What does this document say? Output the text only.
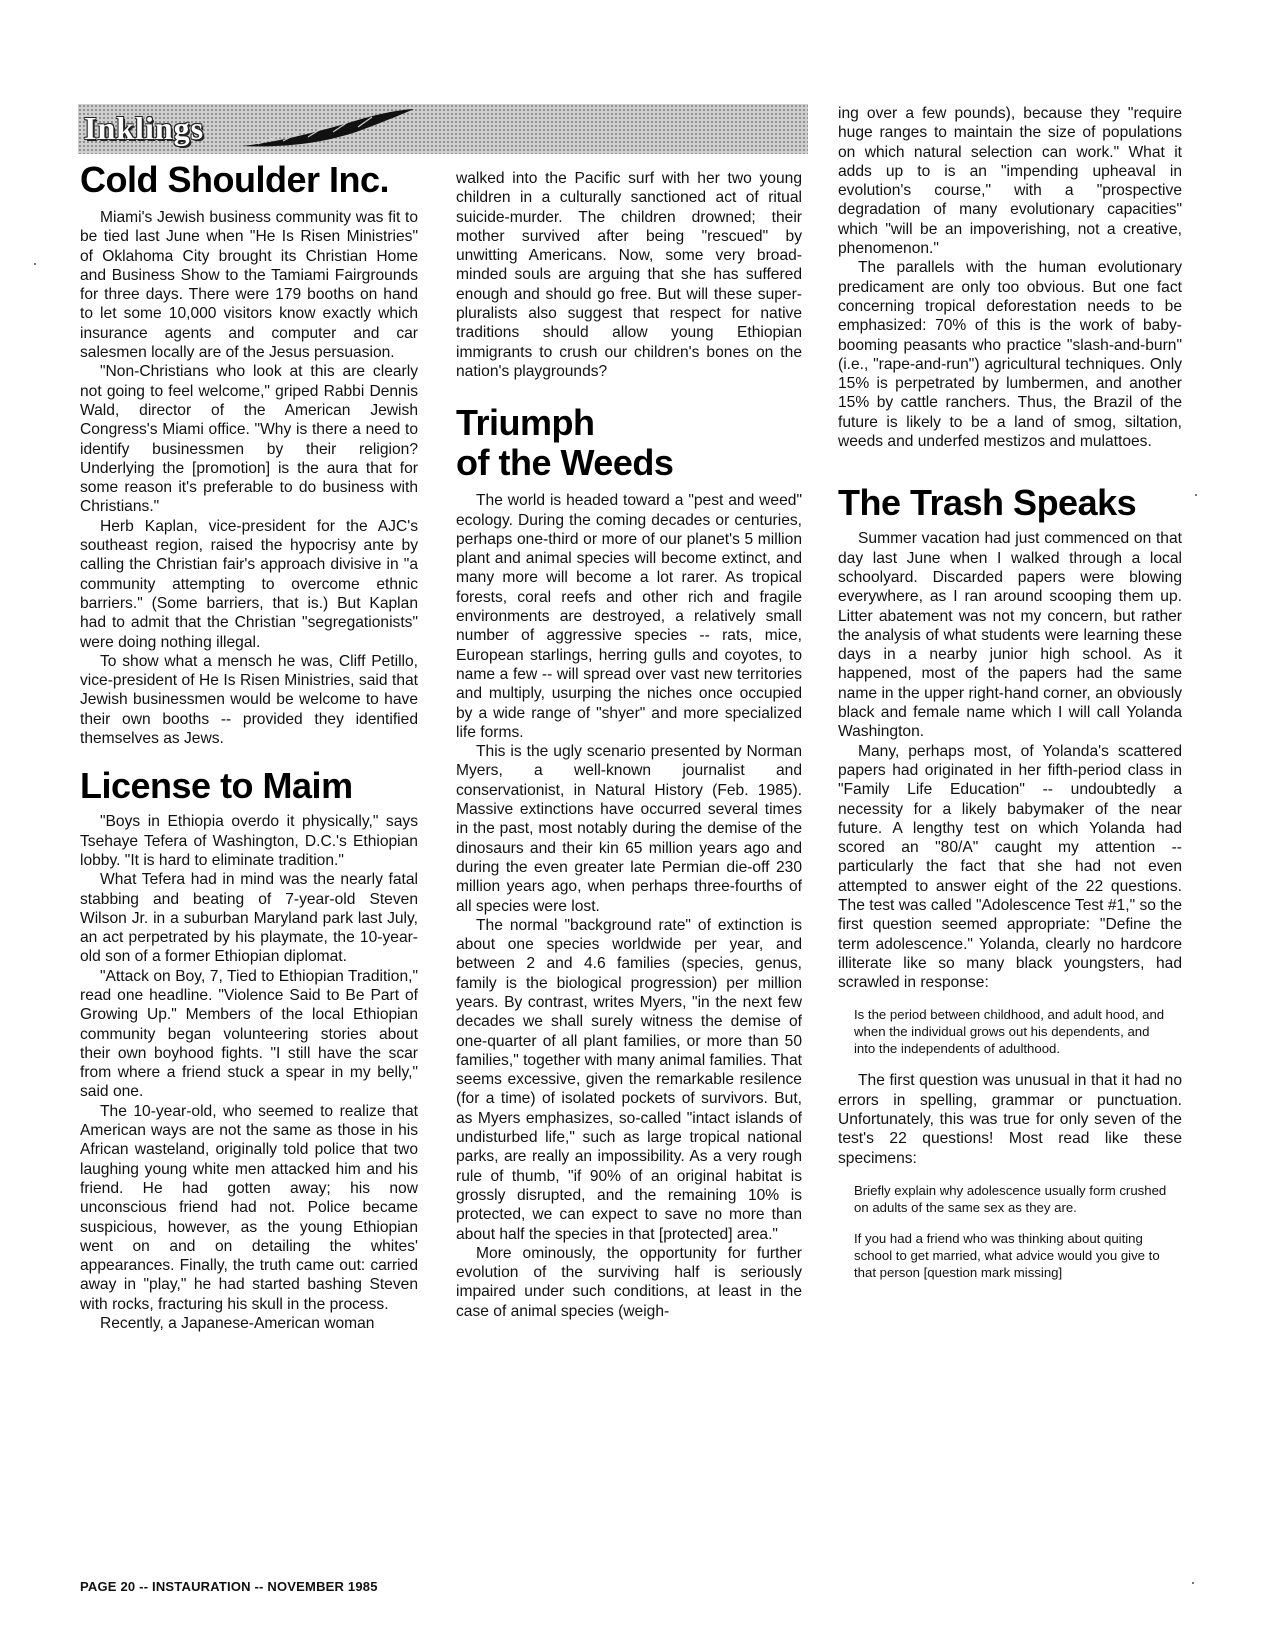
Inklings
Cold Shoulder Inc.

Miami's Jewish business community was fit to be tied last June when "He Is Risen Ministries" of Oklahoma City brought its Christian Home and Business Show to the Tamiami Fairgrounds for three days. There were 179 booths on hand to let some 10,000 visitors know exactly which insurance agents and computer and car salesmen locally are of the Jesus persuasion.

"Non-Christians who look at this are clearly not going to feel welcome," griped Rabbi Dennis Wald, director of the American Jewish Congress's Miami office. "Why is there a need to identify businessmen by their religion? Underlying the [promotion] is the aura that for some reason it's preferable to do business with Christians."

Herb Kaplan, vice-president for the AJC's southeast region, raised the hypocrisy ante by calling the Christian fair's approach divisive in "a community attempting to overcome ethnic barriers." (Some barriers, that is.) But Kaplan had to admit that the Christian "segregationists" were doing nothing illegal.

To show what a mensch he was, Cliff Petillo, vice-president of He Is Risen Ministries, said that Jewish businessmen would be welcome to have their own booths -- provided they identified themselves as Jews.

License to Maim

"Boys in Ethiopia overdo it physically," says Tsehaye Tefera of Washington, D.C.'s Ethiopian lobby. "It is hard to eliminate tradition."

What Tefera had in mind was the nearly fatal stabbing and beating of 7-year-old Steven Wilson Jr. in a suburban Maryland park last July, an act perpetrated by his playmate, the 10-year-old son of a former Ethiopian diplomat.

"Attack on Boy, 7, Tied to Ethiopian Tradition," read one headline. "Violence Said to Be Part of Growing Up." Members of the local Ethiopian community began volunteering stories about their own boyhood fights. "I still have the scar from where a friend stuck a spear in my belly," said one.

The 10-year-old, who seemed to realize that American ways are not the same as those in his African wasteland, originally told police that two laughing young white men attacked him and his friend. He had gotten away; his now unconscious friend had not. Police became suspicious, however, as the young Ethiopian went on and on detailing the whites' appearances. Finally, the truth came out: carried away in "play," he had started bashing Steven with rocks, fracturing his skull in the process.

Recently, a Japanese-American woman

walked into the Pacific surf with her two young children in a culturally sanctioned act of ritual suicide-murder. The children drowned; their mother survived after being "rescued" by unwitting Americans. Now, some very broad-minded souls are arguing that she has suffered enough and should go free. But will these super-pluralists also suggest that respect for native traditions should allow young Ethiopian immigrants to crush our children's bones on the nation's playgrounds?

Triumph
of the Weeds

The world is headed toward a "pest and weed" ecology. During the coming decades or centuries, perhaps one-third or more of our planet's 5 million plant and animal species will become extinct, and many more will become a lot rarer. As tropical forests, coral reefs and other rich and fragile environments are destroyed, a relatively small number of aggressive species -- rats, mice, European starlings, herring gulls and coyotes, to name a few -- will spread over vast new territories and multiply, usurping the niches once occupied by a wide range of "shyer" and more specialized life forms.

This is the ugly scenario presented by Norman Myers, a well-known journalist and conservationist, in Natural History (Feb. 1985). Massive extinctions have occurred several times in the past, most notably during the demise of the dinosaurs and their kin 65 million years ago and during the even greater late Permian die-off 230 million years ago, when perhaps three-fourths of all species were lost.

The normal "background rate" of extinction is about one species worldwide per year, and between 2 and 4.6 families (species, genus, family is the biological progression) per million years. By contrast, writes Myers, "in the next few decades we shall surely witness the demise of one-quarter of all plant families, or more than 50 families," together with many animal families. That seems excessive, given the remarkable resilence (for a time) of isolated pockets of survivors. But, as Myers emphasizes, so-called "intact islands of undisturbed life," such as large tropical national parks, are really an impossibility. As a very rough rule of thumb, "if 90% of an original habitat is grossly disrupted, and the remaining 10% is protected, we can expect to save no more than about half the species in that [protected] area."

More ominously, the opportunity for further evolution of the surviving half is seriously impaired under such conditions, at least in the case of animal species (weigh-

ing over a few pounds), because they "require huge ranges to maintain the size of populations on which natural selection can work." What it adds up to is an "impending upheaval in evolution's course," with a "prospective degradation of many evolutionary capacities" which "will be an impoverishing, not a creative, phenomenon."

The parallels with the human evolutionary predicament are only too obvious. But one fact concerning tropical deforestation needs to be emphasized: 70% of this is the work of baby-booming peasants who practice "slash-and-burn" (i.e., "rape-and-run") agricultural techniques. Only 15% is perpetrated by lumbermen, and another 15% by cattle ranchers. Thus, the Brazil of the future is likely to be a land of smog, siltation, weeds and underfed mestizos and mulattoes.

The Trash Speaks

Summer vacation had just commenced on that day last June when I walked through a local schoolyard. Discarded papers were blowing everywhere, as I ran around scooping them up. Litter abatement was not my concern, but rather the analysis of what students were learning these days in a nearby junior high school. As it happened, most of the papers had the same name in the upper right-hand corner, an obviously black and female name which I will call Yolanda Washington.

Many, perhaps most, of Yolanda's scattered papers had originated in her fifth-period class in "Family Life Education" -- undoubtedly a necessity for a likely babymaker of the near future. A lengthy test on which Yolanda had scored an "80/A" caught my attention -- particularly the fact that she had not even attempted to answer eight of the 22 questions. The test was called "Adolescence Test #1," so the first question seemed appropriate: "Define the term adolescence." Yolanda, clearly no hardcore illiterate like so many black youngsters, had scrawled in response:

Is the period between childhood, and adult hood, and when the individual grows out his dependents, and into the independents of adulthood.

The first question was unusual in that it had no errors in spelling, grammar or punctuation. Unfortunately, this was true for only seven of the test's 22 questions! Most read like these specimens:

Briefly explain why adolescence usually form crushed on adults of the same sex as they are.
If you had a friend who was thinking about quiting school to get married, what advice would you give to that person [question mark missing]
PAGE 20 -- INSTAURATION -- NOVEMBER 1985
